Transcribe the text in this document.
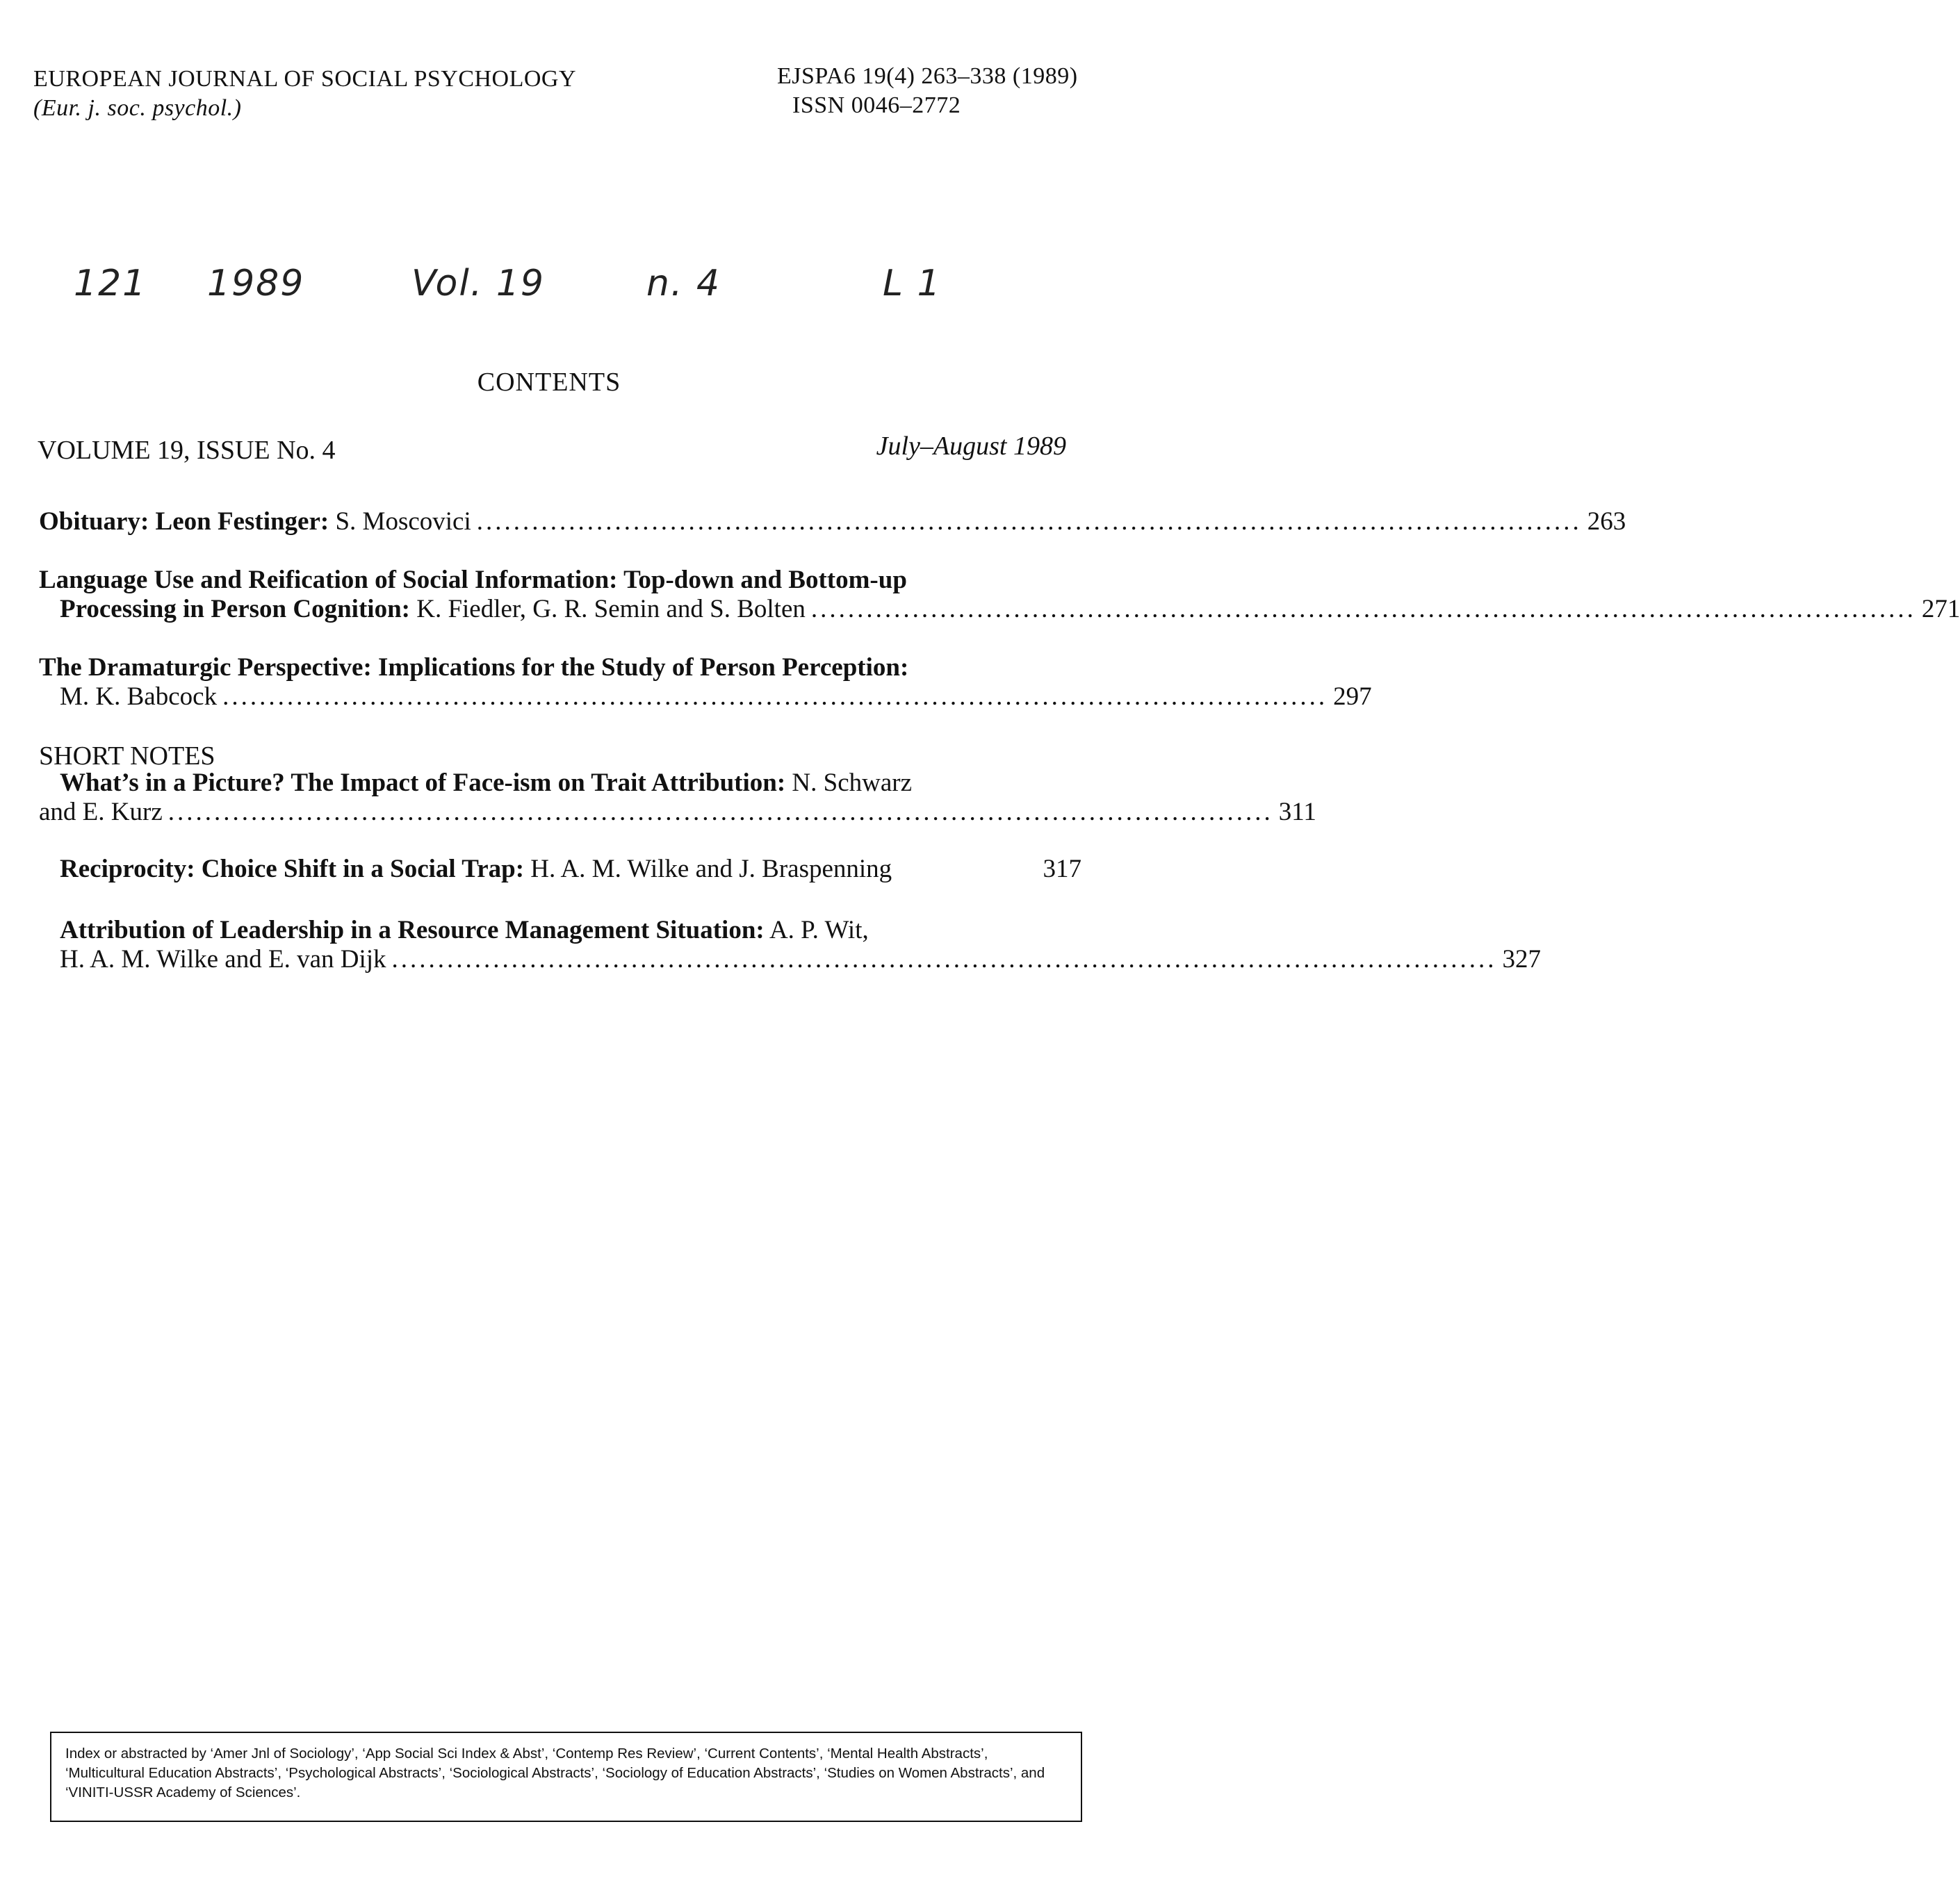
EUROPEAN JOURNAL OF SOCIAL PSYCHOLOGY
(Eur. j. soc. psychol.)
EJSPA6 19(4) 263–338 (1989)
ISSN 0046–2772
121 1989	Vol. 19	n. 4	L 1
CONTENTS
VOLUME 19, ISSUE No. 4	July–August 1989
Obituary: Leon Festinger: S. Moscovici ........................................................................................................................ 263
Language Use and Reification of Social Information: Top-down and Bottom-up
Processing in Person Cognition: K. Fiedler, G. R. Semin and S. Bolten ........................................................................................................................ 271
The Dramaturgic Perspective: Implications for the Study of Person Perception:
M. K. Babcock ........................................................................................................................ 297
SHORT NOTES
What’s in a Picture? The Impact of Face-ism on Trait Attribution: N. Schwarz
and E. Kurz ........................................................................................................................ 311
Reciprocity: Choice Shift in a Social Trap: H. A. M. Wilke and J. Braspenning	317
Attribution of Leadership in a Resource Management Situation: A. P. Wit,
H. A. M. Wilke and E. van Dijk ........................................................................................................................ 327
Index or abstracted by ‘Amer Jnl of Sociology’, ‘App Social Sci Index & Abst’, ‘Contemp Res Review’, ‘Current Contents’, ‘Mental Health Abstracts’, ‘Multicultural Education Abstracts’, ‘Psychological Abstracts’, ‘Sociological Abstracts’, ‘Sociology of Education Abstracts’, ‘Studies on Women Abstracts’, and ‘VINITI-USSR Academy of Sciences’.
